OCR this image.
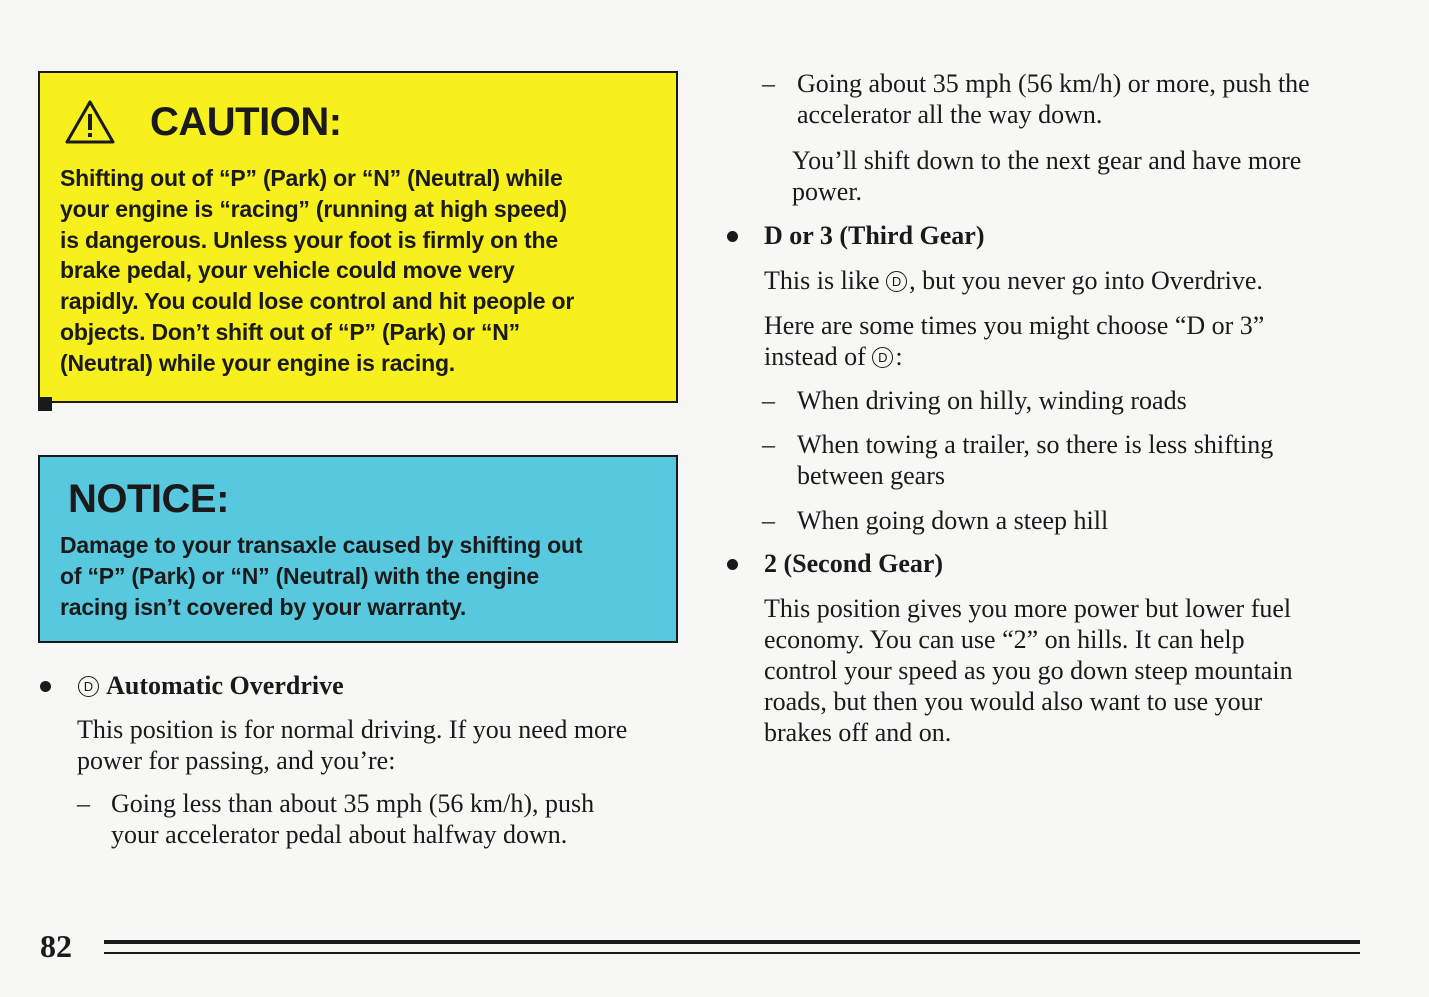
CAUTION:
Shifting out of “P” (Park) or “N” (Neutral) while
your engine is “racing” (running at high speed)
is dangerous. Unless your foot is firmly on the
brake pedal, your vehicle could move very
rapidly. You could lose control and hit people or
objects. Don’t shift out of “P” (Park) or “N”
(Neutral) while your engine is racing.
NOTICE:
Damage to your transaxle caused by shifting out
of “P” (Park) or “N” (Neutral) with the engine
racing isn’t covered by your warranty.
D Automatic Overdrive
This position is for normal driving. If you need more
power for passing, and you’re:
– Going less than about 35 mph (56 km/h), push
your accelerator pedal about halfway down.
– Going about 35 mph (56 km/h) or more, push the
accelerator all the way down.
You’ll shift down to the next gear and have more
power.
D or 3 (Third Gear)
This is like D , but you never go into Overdrive.
Here are some times you might choose “D or 3”
instead of D :
– When driving on hilly, winding roads
– When towing a trailer, so there is less shifting
between gears
– When going down a steep hill
2 (Second Gear)
This position gives you more power but lower fuel
economy. You can use “2” on hills. It can help
control your speed as you go down steep mountain
roads, but then you would also want to use your
brakes off and on.
82
